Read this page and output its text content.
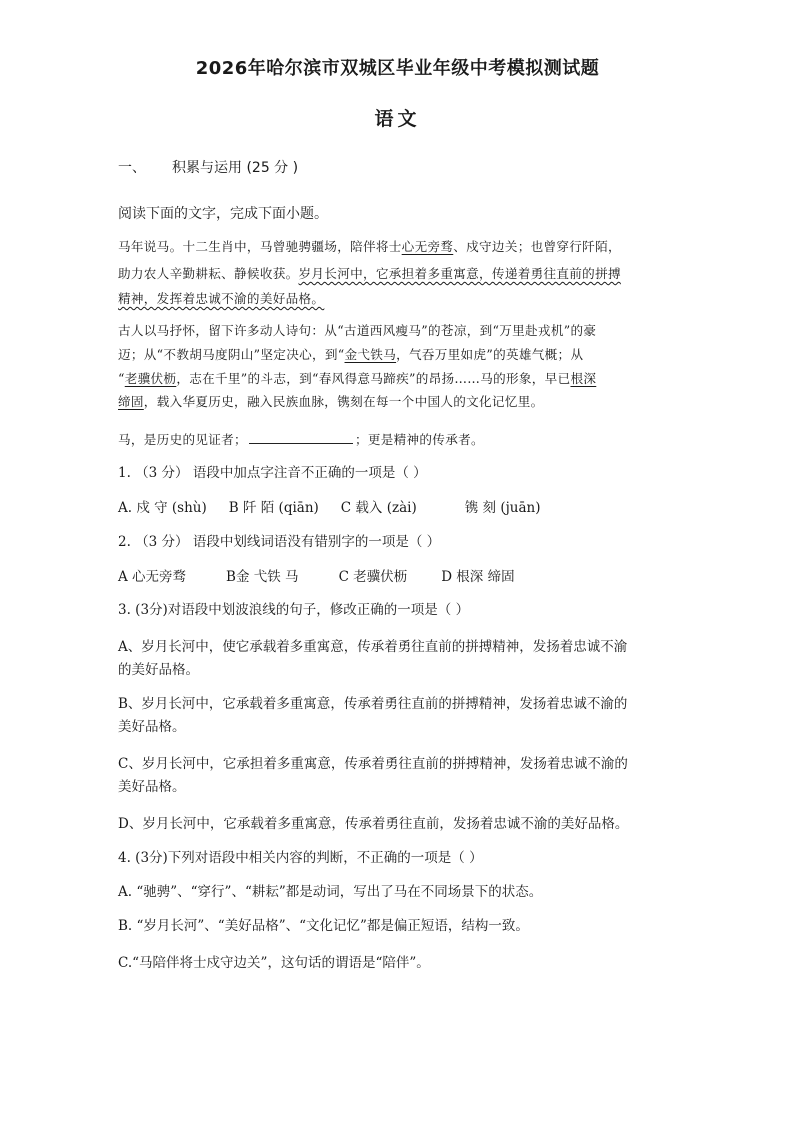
2026年哈尔滨市双城区毕业年级中考模拟测试题
语文
一、 积累与运用 (25 分 )
阅读下面的文字，完成下面小题。
马年说马。十二生肖中，马曾驰骋疆场，陪伴将士心无旁骛、戍守边关；也曾穿行阡陌，
助力农人辛勤耕耘、静候收获。岁月长河中，它承担着多重寓意，传递着勇往直前的拼搏
精神，发挥着忠诚不渝的美好品格。
古人以马抒怀，留下许多动人诗句：从“古道西风瘦马”的苍凉，到“万里赴戎机”的豪
迈；从“不教胡马度阴山”坚定决心，到“金弋铁马，气吞万里如虎”的英雄气概；从
“老骥伏枥，志在千里”的斗志，到“春风得意马蹄疾”的昂扬……马的形象，早已根深
缔固，载入华夏历史，融入民族血脉，镌刻在每一个中国人的文化记忆里。
马，是历史的见证者；	；更是精神的传承者。
1. （3 分） 语段中加点字注音不正确的一项是（ ）
A. 戍 守 (shù) B 阡 陌 (qiān) C 载入 (zài)	镌 刻 (juān)
2. （3 分） 语段中划线词语没有错别字的一项是（ ）
A 心无旁骛	B金 弋铁 马	C 老骥伏枥	D 根深 缔固
3. (3分)对语段中划波浪线的句子，修改正确的一项是（ ）
A、岁月长河中，使它承载着多重寓意，传承着勇往直前的拼搏精神，发扬着忠诚不渝
的美好品格。
B、岁月长河中，它承载着多重寓意，传承着勇往直前的拼搏精神，发扬着忠诚不渝的
美好品格。
C、岁月长河中，它承担着多重寓意，传承着勇往直前的拼搏精神，发扬着忠诚不渝的
美好品格。
D、岁月长河中，它承载着多重寓意，传承着勇往直前，发扬着忠诚不渝的美好品格。
4. (3分)下列对语段中相关内容的判断，不正确的一项是（ ）
A. “驰骋”、“穿行”、“耕耘”都是动词，写出了马在不同场景下的状态。
B. “岁月长河”、“美好品格”、“文化记忆”都是偏正短语，结构一致。
C.“马陪伴将士戍守边关”，这句话的谓语是“陪伴”。
